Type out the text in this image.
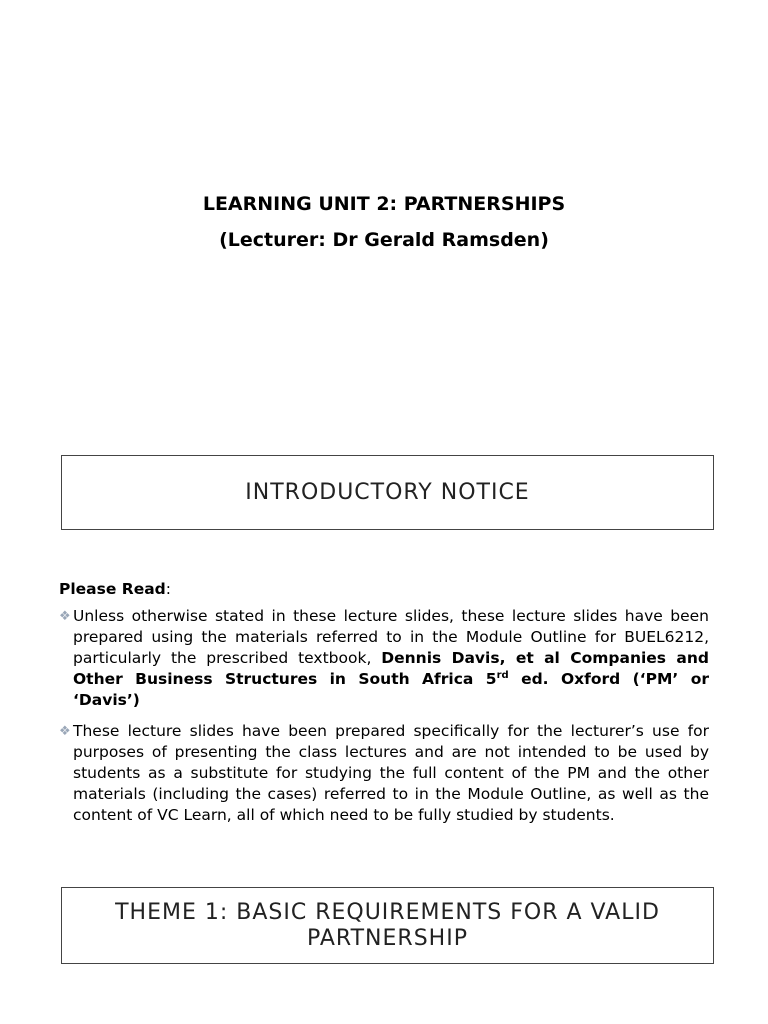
LEARNING UNIT 2: PARTNERSHIPS
(Lecturer: Dr Gerald Ramsden)
INTRODUCTORY NOTICE

Please Read:

❖ Unless otherwise stated in these lecture slides, these lecture slides have been prepared using the materials referred to in the Module Outline for BUEL6212, particularly the prescribed textbook, Dennis Davis, et al Companies and Other Business Structures in South Africa 5rd ed. Oxford (‘PM’ or ‘Davis’)

❖ These lecture slides have been prepared specifically for the lecturer’s use for purposes of presenting the class lectures and are not intended to be used by students as a substitute for studying the full content of the PM and the other materials (including the cases) referred to in the Module Outline, as well as the content of VC Learn, all of which need to be fully studied by students.

THEME 1: BASIC REQUIREMENTS FOR A VALID
PARTNERSHIP
